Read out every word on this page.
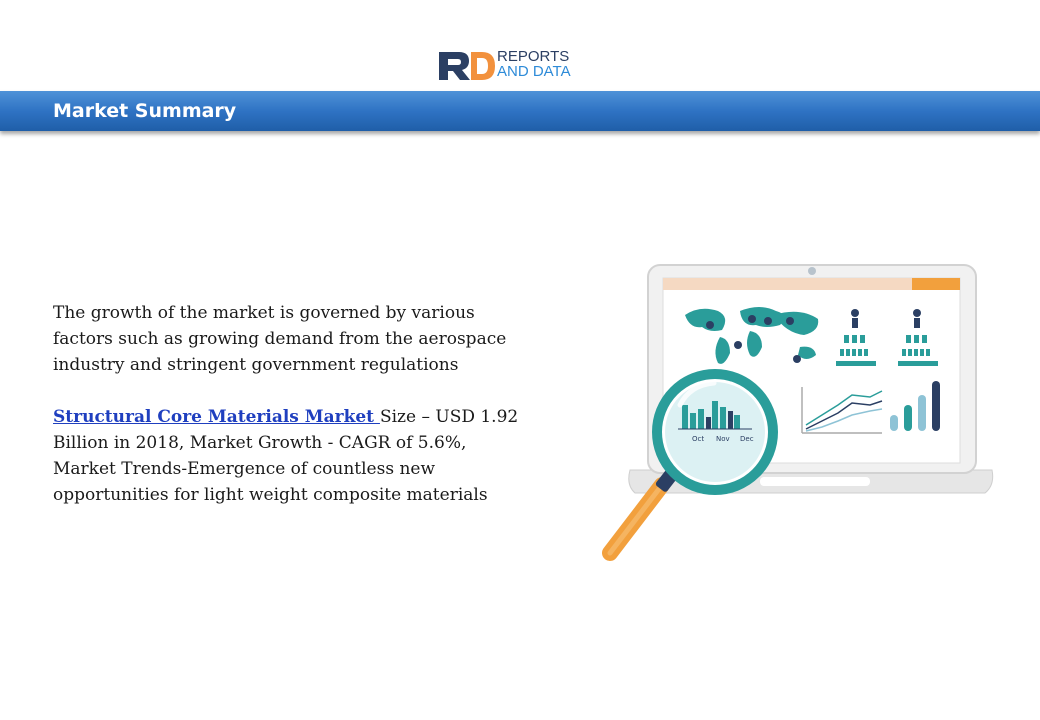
REPORTS
AND DATA
Market Summary

The growth of the market is governed by various factors such as growing demand from the aerospace industry and stringent government regulations

Structural Core Materials Market Size – USD 1.92 Billion in 2018, Market Growth - CAGR of 5.6%, Market Trends-Emergence of countless new opportunities for light weight composite materials

Oct Nov Dec
